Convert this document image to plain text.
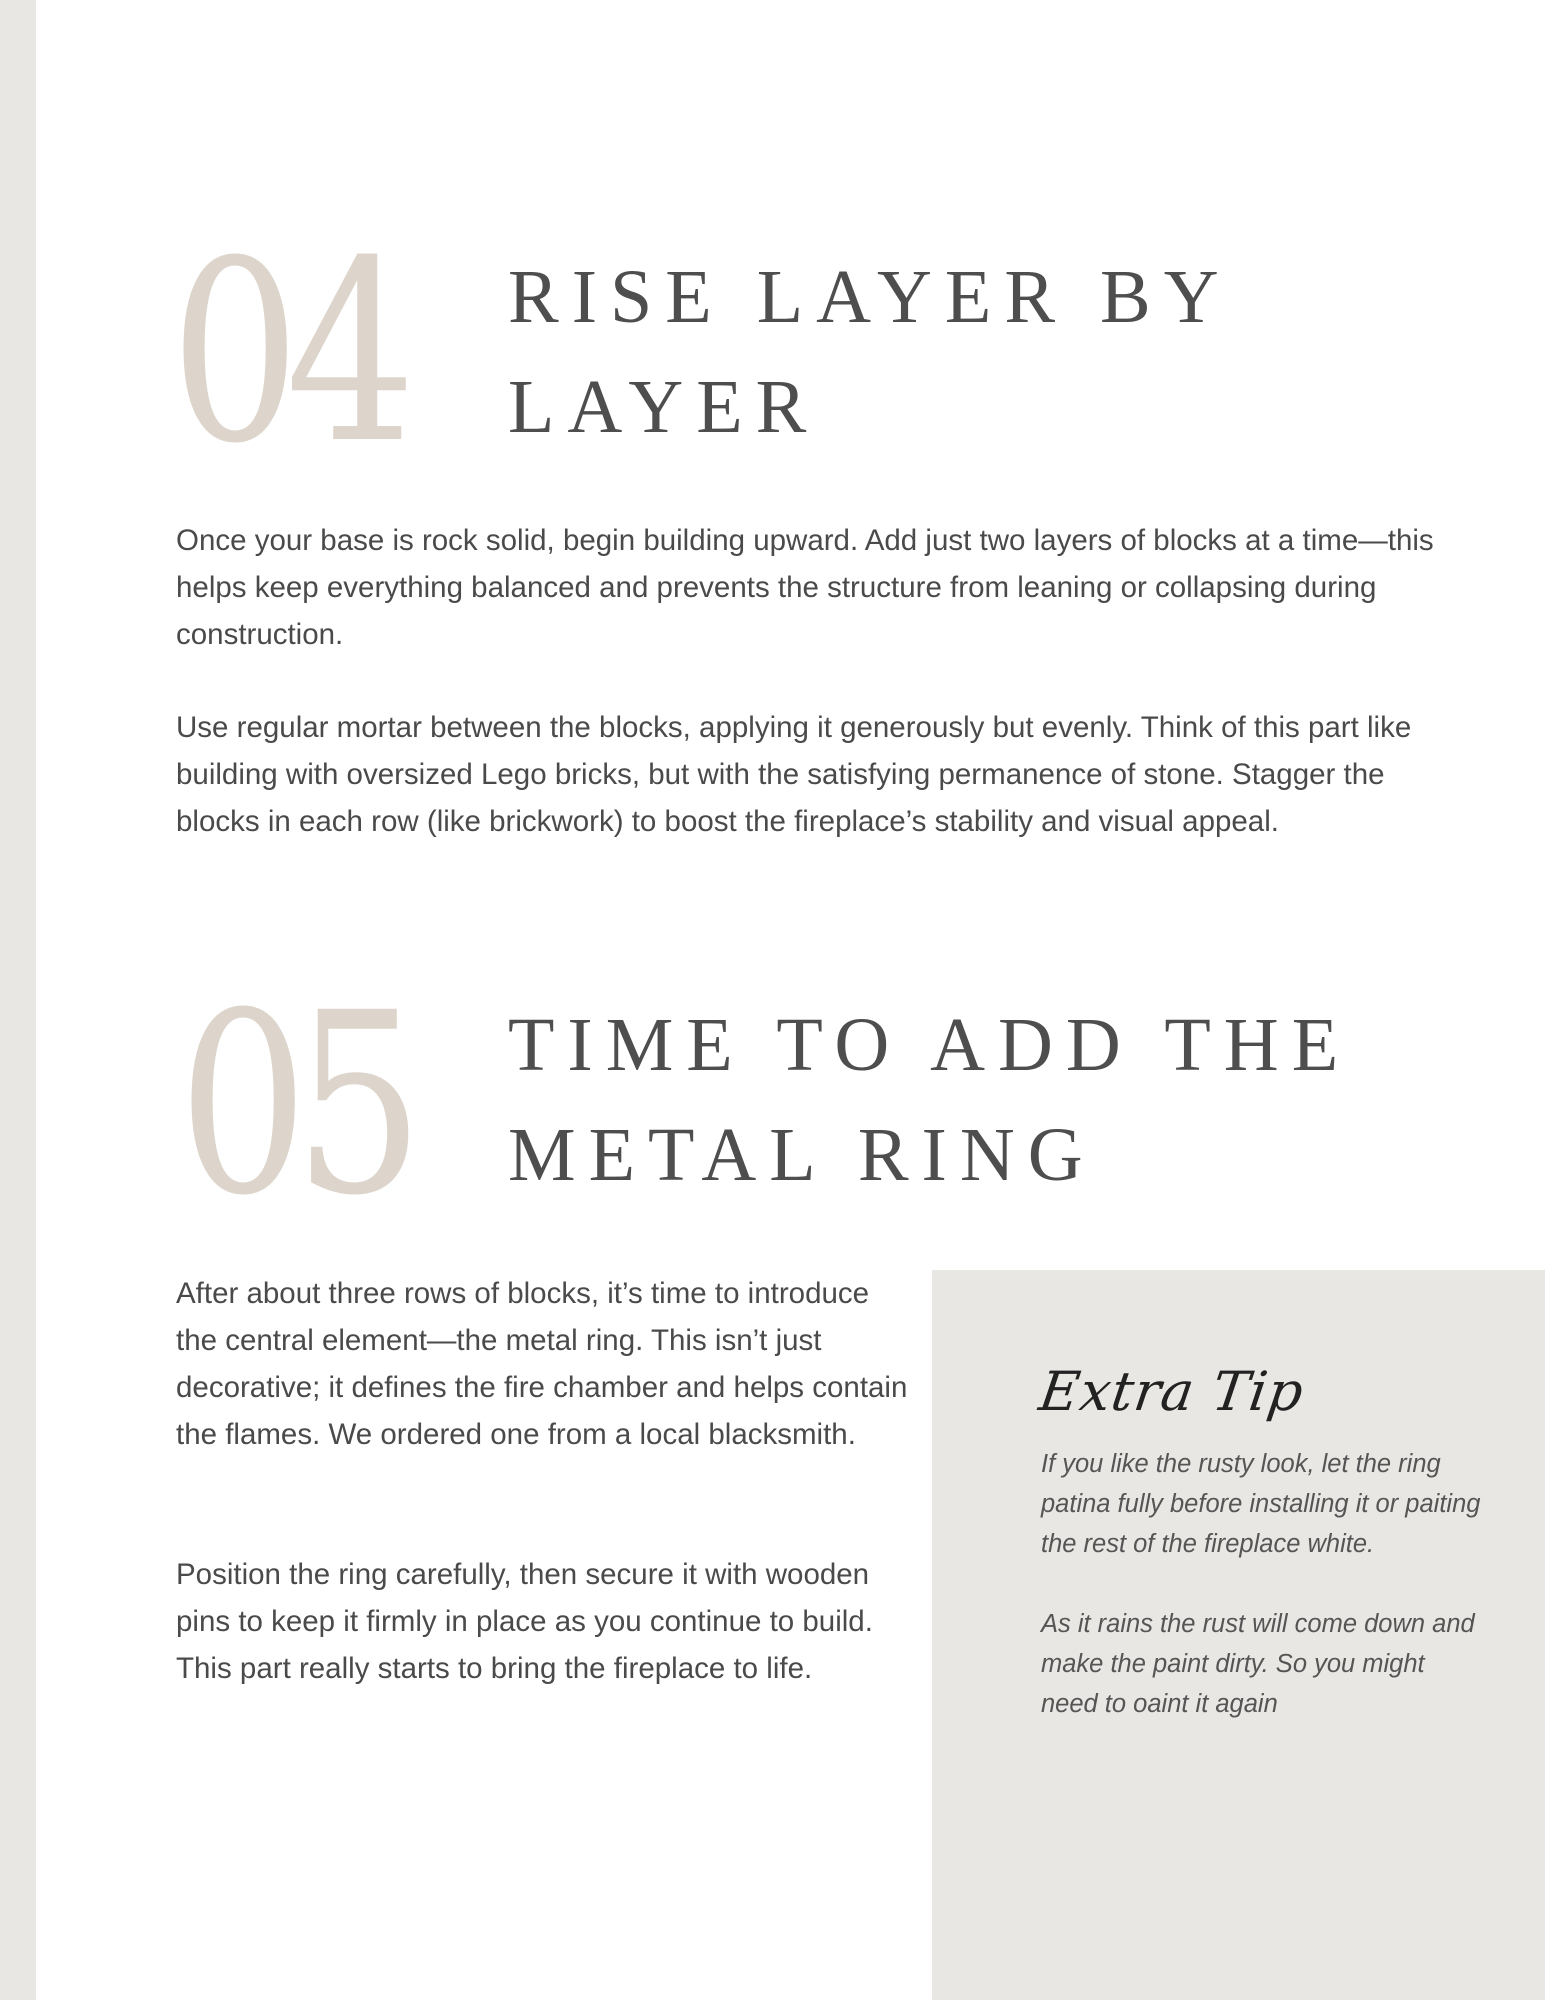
04 RISE LAYER BY
LAYER

Once your base is rock solid, begin building upward. Add just two layers of blocks at a time—this helps keep everything balanced and prevents the structure from leaning or collapsing during construction.

Use regular mortar between the blocks, applying it generously but evenly. Think of this part like building with oversized Lego bricks, but with the satisfying permanence of stone. Stagger the blocks in each row (like brickwork) to boost the fireplace’s stability and visual appeal.

05 TIME TO ADD THE
METAL RING

After about three rows of blocks, it’s time to introduce the central element—the metal ring. This isn’t just decorative; it defines the fire chamber and helps contain the flames. We ordered one from a local blacksmith.

Position the ring carefully, then secure it with wooden pins to keep it firmly in place as you continue to build. This part really starts to bring the fireplace to life.

Extra Tip

If you like the rusty look, let the ring patina fully before installing it or paiting the rest of the fireplace white.

As it rains the rust will come down and make the paint dirty. So you might need to oaint it again
